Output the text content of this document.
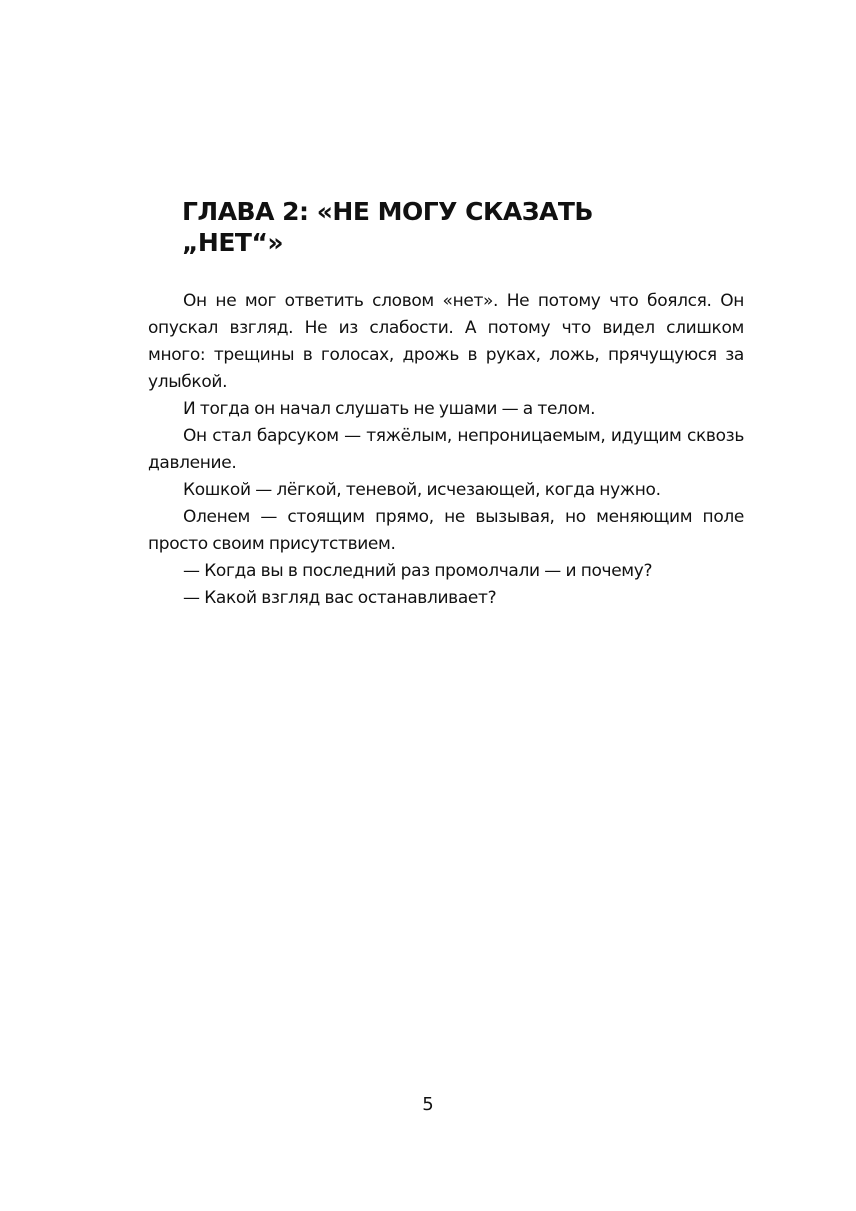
ГЛАВА 2: «НЕ МОГУ СКАЗАТЬ
„НЕТ“»

Он не мог ответить словом «нет». Не потому что боялся. Он опускал взгляд. Не из слабости. А потому что видел слишком много: трещины в голосах, дрожь в руках, ложь, прячущуюся за улыбкой.

И тогда он начал слушать не ушами — а телом.

Он стал барсуком — тяжёлым, непроницаемым, идущим сквозь давление.

Кошкой — лёгкой, теневой, исчезающей, когда нужно.

Оленем — стоящим прямо, не вызывая, но меняющим поле просто своим присутствием.

— Когда вы в последний раз промолчали — и почему?

— Какой взгляд вас останавливает?

5
